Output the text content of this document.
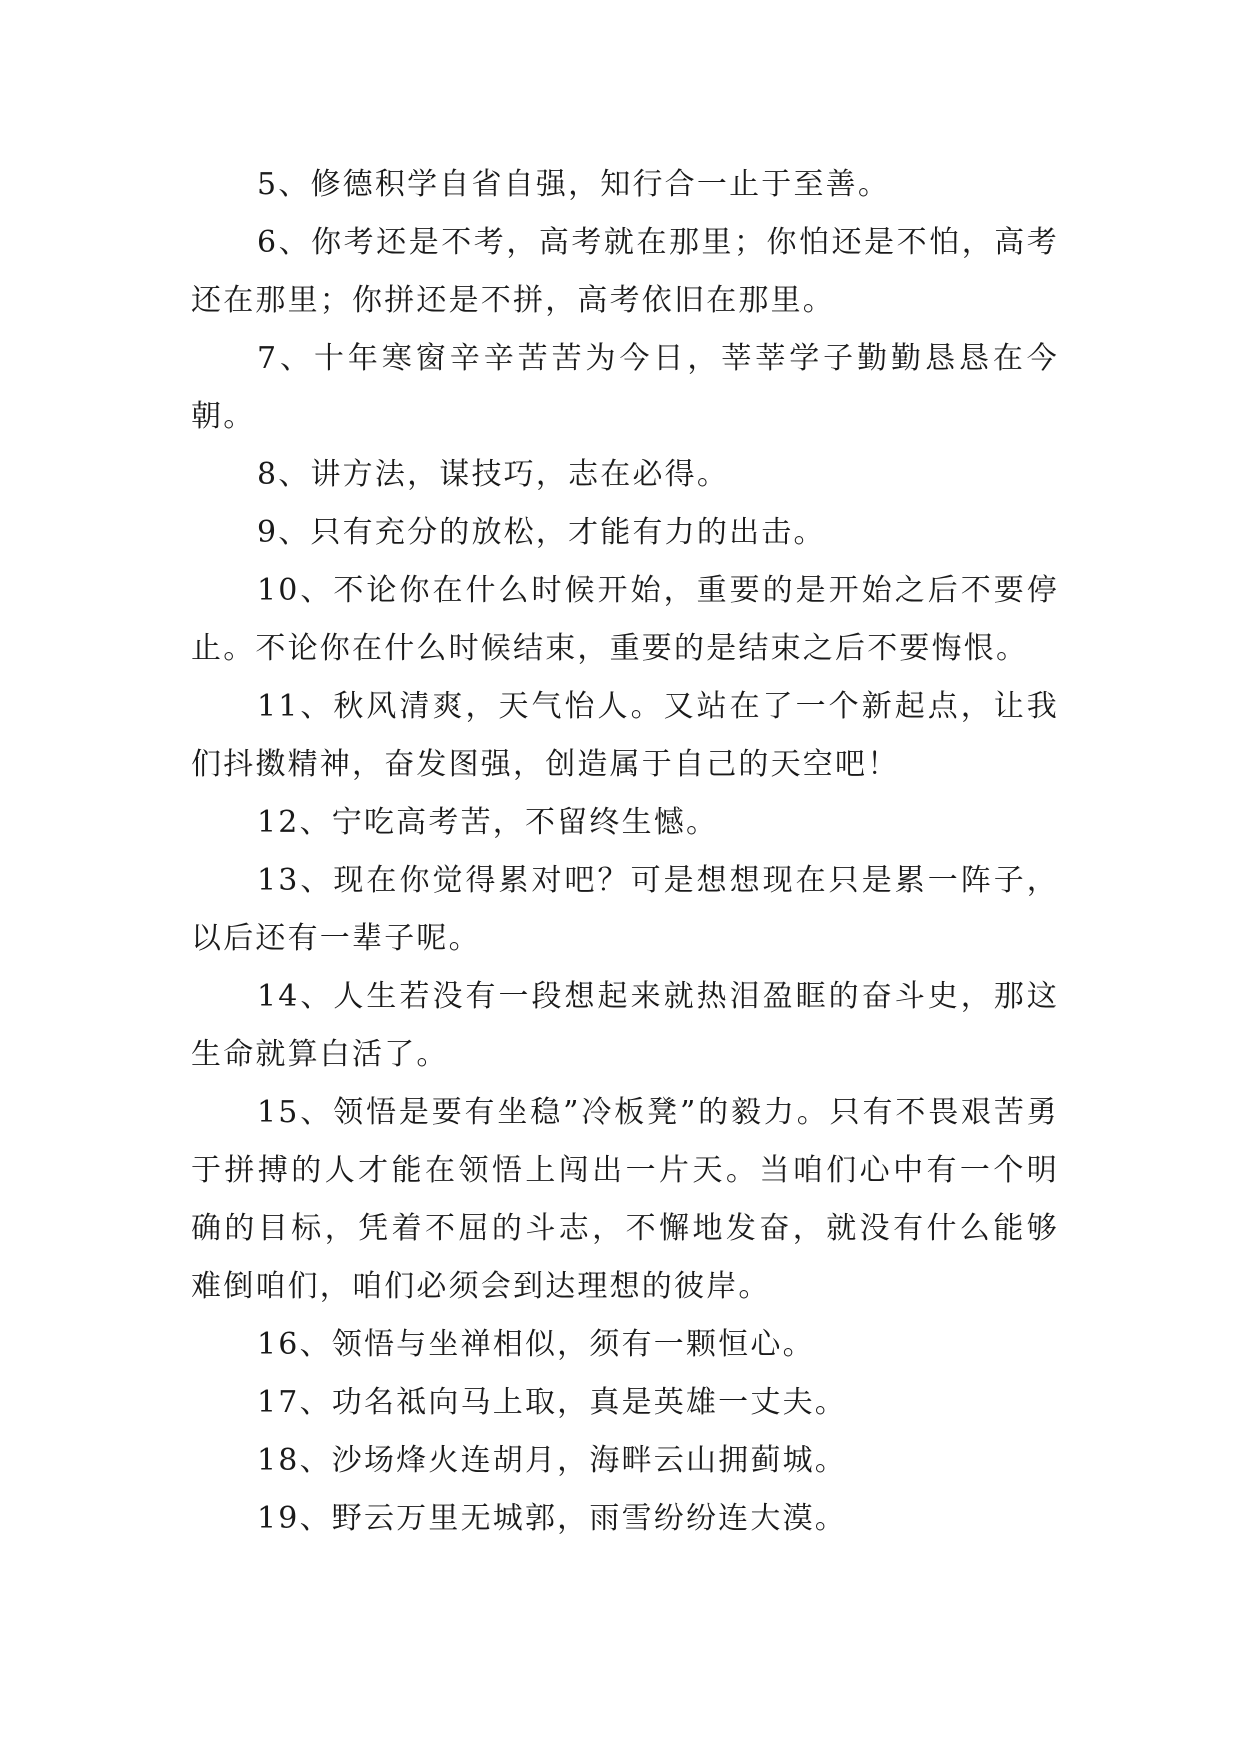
5、修德积学自省自强，知行合一止于至善。

6、你考还是不考，高考就在那里；你怕还是不怕，高考还在那里；你拼还是不拼，高考依旧在那里。

7、十年寒窗辛辛苦苦为今日，莘莘学子勤勤恳恳在今朝。

8、讲方法，谋技巧，志在必得。

9、只有充分的放松，才能有力的出击。

10、不论你在什么时候开始，重要的是开始之后不要停止。不论你在什么时候结束，重要的是结束之后不要悔恨。

11、秋风清爽，天气怡人。又站在了一个新起点，让我们抖擞精神，奋发图强，创造属于自己的天空吧！

12、宁吃高考苦，不留终生憾。

13、现在你觉得累对吧？可是想想现在只是累一阵子，以后还有一辈子呢。

14、人生若没有一段想起来就热泪盈眶的奋斗史，那这生命就算白活了。

15、领悟是要有坐稳”冷板凳”的毅力。只有不畏艰苦勇于拼搏的人才能在领悟上闯出一片天。当咱们心中有一个明确的目标，凭着不屈的斗志，不懈地发奋，就没有什么能够难倒咱们，咱们必须会到达理想的彼岸。

16、领悟与坐禅相似，须有一颗恒心。

17、功名祗向马上取，真是英雄一丈夫。

18、沙场烽火连胡月，海畔云山拥蓟城。

19、野云万里无城郭，雨雪纷纷连大漠。
